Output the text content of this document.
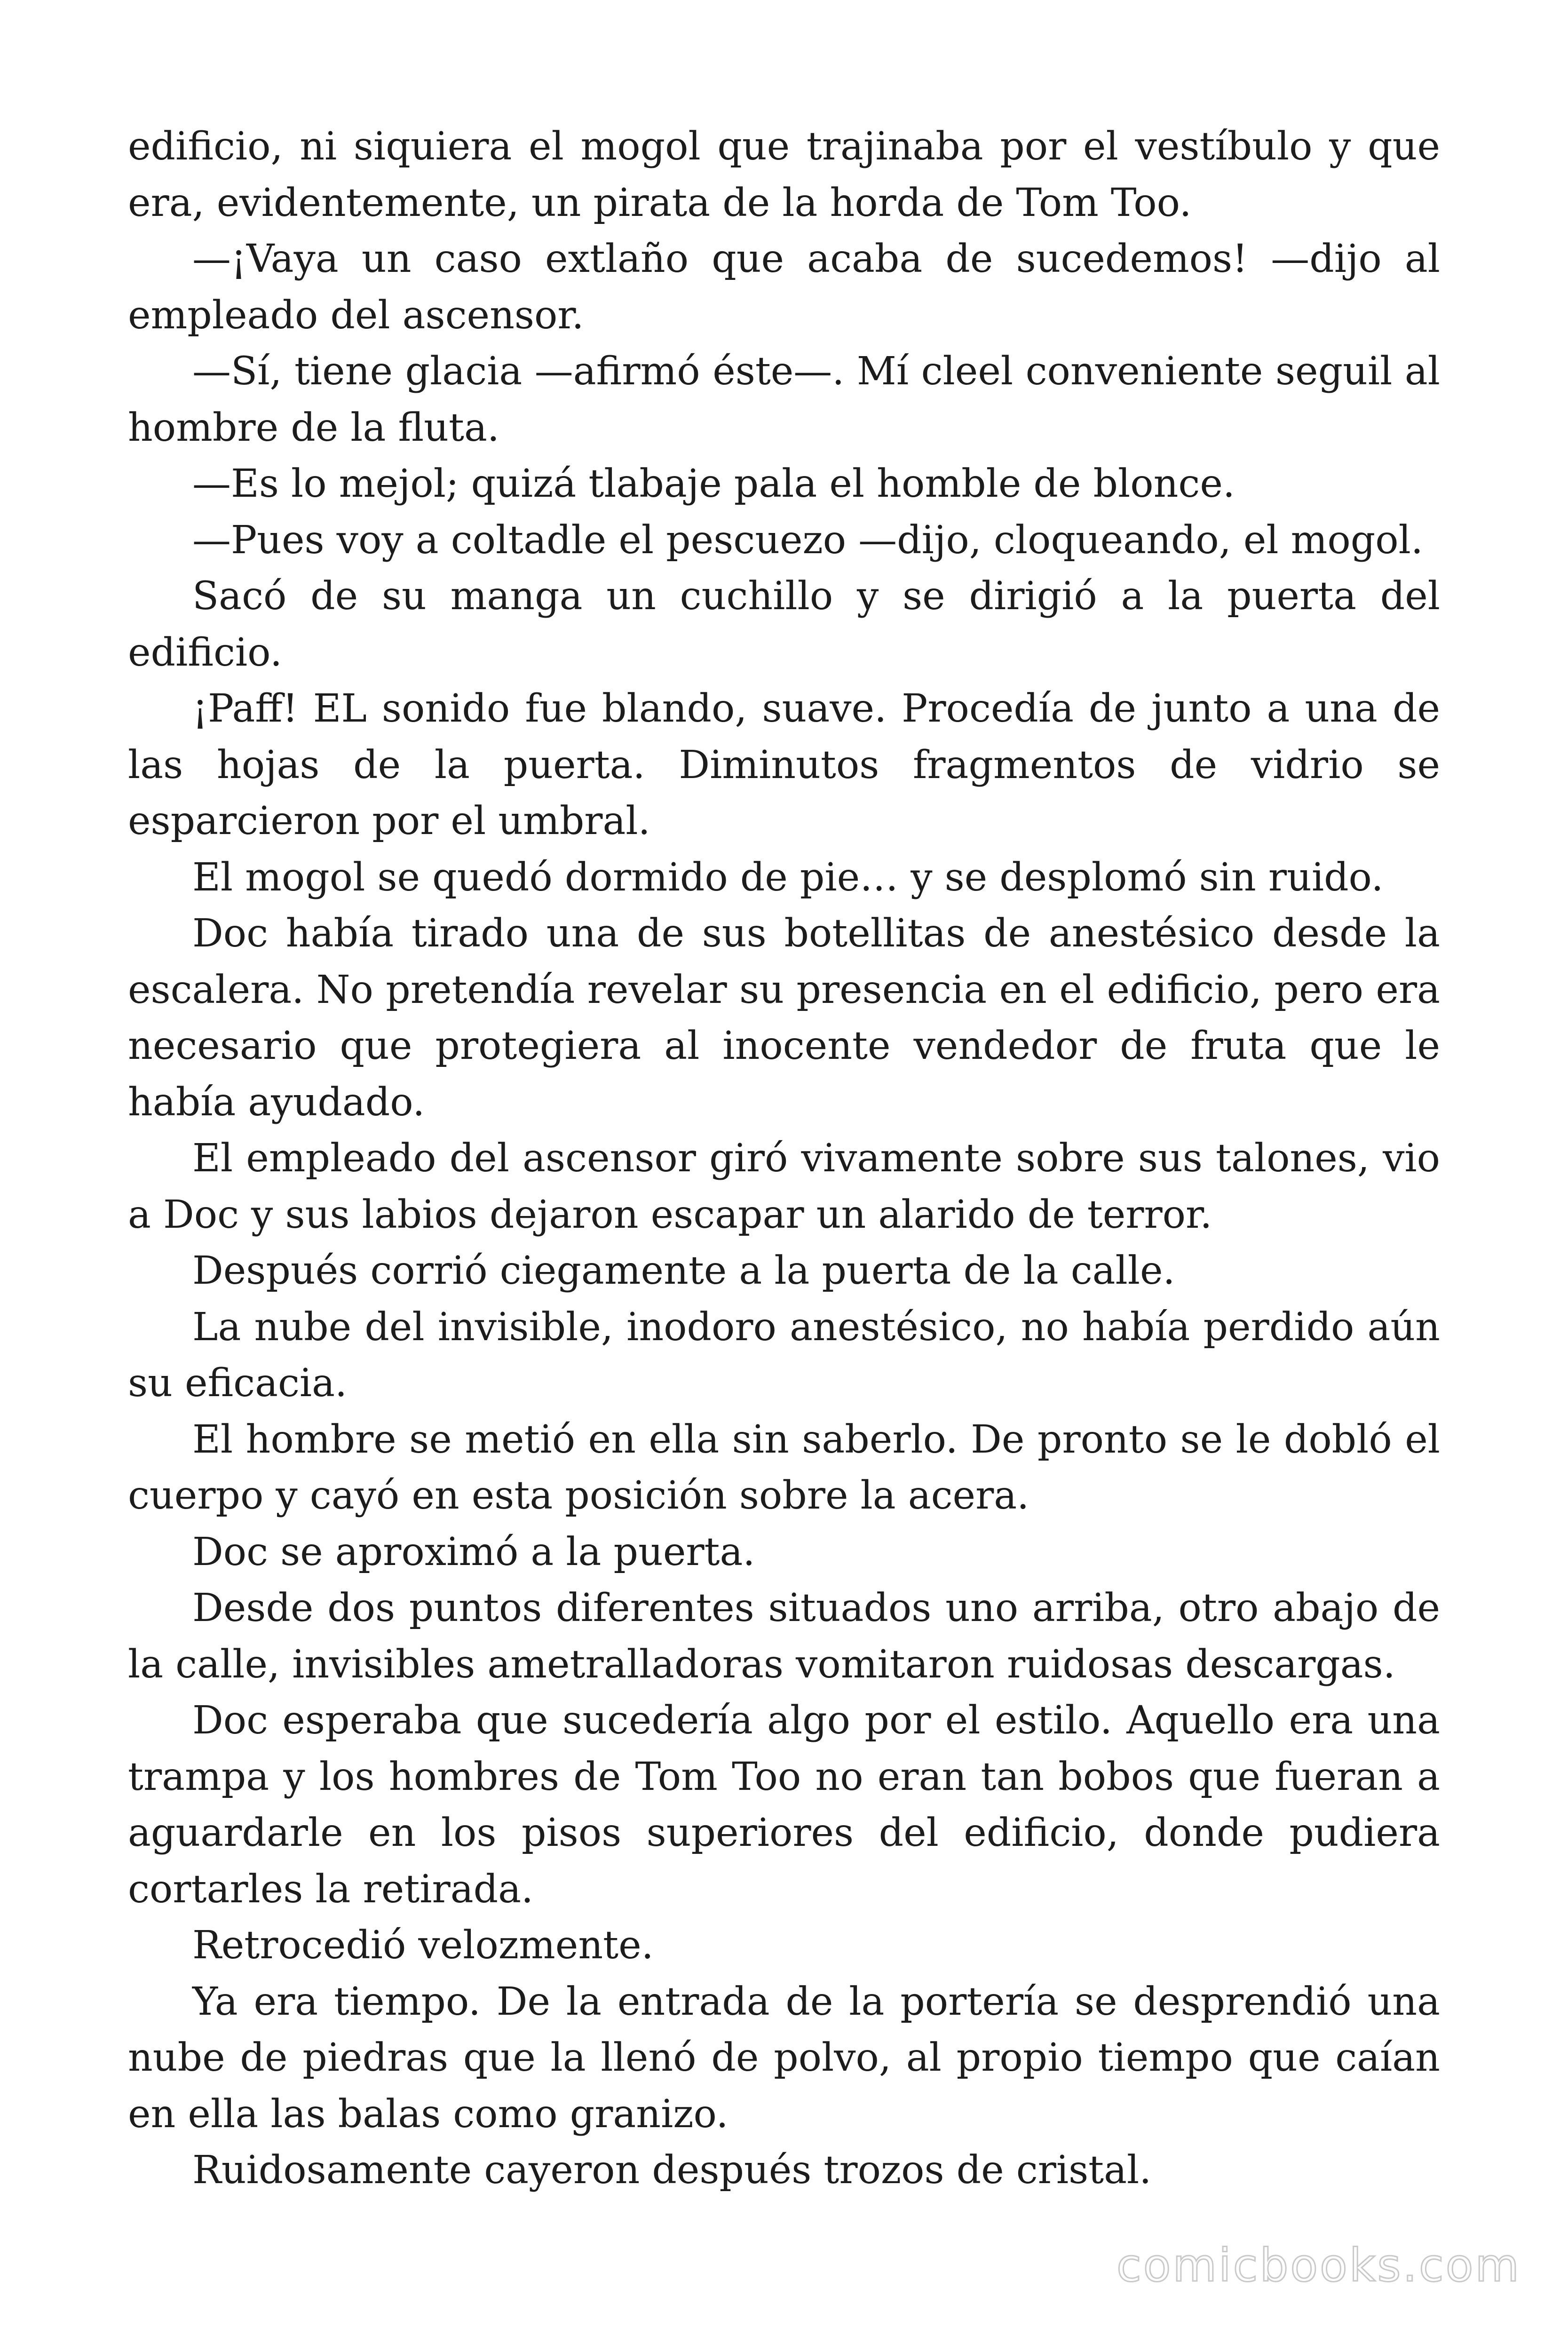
edificio, ni siquiera el mogol que trajinaba por el vestíbulo y que era, evidentemente, un pirata de la horda de Tom Too.

—¡Vaya un caso extlaño que acaba de sucedemos! —dijo al empleado del ascensor.

—Sí, tiene glacia —afirmó éste—. Mí cleel conveniente seguil al hombre de la fluta.

—Es lo mejol; quizá tlabaje pala el homble de blonce.

—Pues voy a coltadle el pescuezo —dijo, cloqueando, el mogol.

Sacó de su manga un cuchillo y se dirigió a la puerta del edificio.

¡Paff! EL sonido fue blando, suave. Procedía de junto a una de las hojas de la puerta. Diminutos fragmentos de vidrio se esparcieron por el umbral.

El mogol se quedó dormido de pie… y se desplomó sin ruido.

Doc había tirado una de sus botellitas de anestésico desde la escalera. No pretendía revelar su presencia en el edificio, pero era necesario que protegiera al inocente vendedor de fruta que le había ayudado.

El empleado del ascensor giró vivamente sobre sus talones, vio a Doc y sus labios dejaron escapar un alarido de terror.

Después corrió ciegamente a la puerta de la calle.

La nube del invisible, inodoro anestésico, no había perdido aún su eficacia.

El hombre se metió en ella sin saberlo. De pronto se le dobló el cuerpo y cayó en esta posición sobre la acera.

Doc se aproximó a la puerta.

Desde dos puntos diferentes situados uno arriba, otro abajo de la calle, invisibles ametralladoras vomitaron ruidosas descargas.

Doc esperaba que sucedería algo por el estilo. Aquello era una trampa y los hombres de Tom Too no eran tan bobos que fueran a aguardarle en los pisos superiores del edificio, donde pudiera cortarles la retirada.

Retrocedió velozmente.

Ya era tiempo. De la entrada de la portería se desprendió una nube de piedras que la llenó de polvo, al propio tiempo que caían en ella las balas como granizo.

Ruidosamente cayeron después trozos de cristal.

comicbooks.com
